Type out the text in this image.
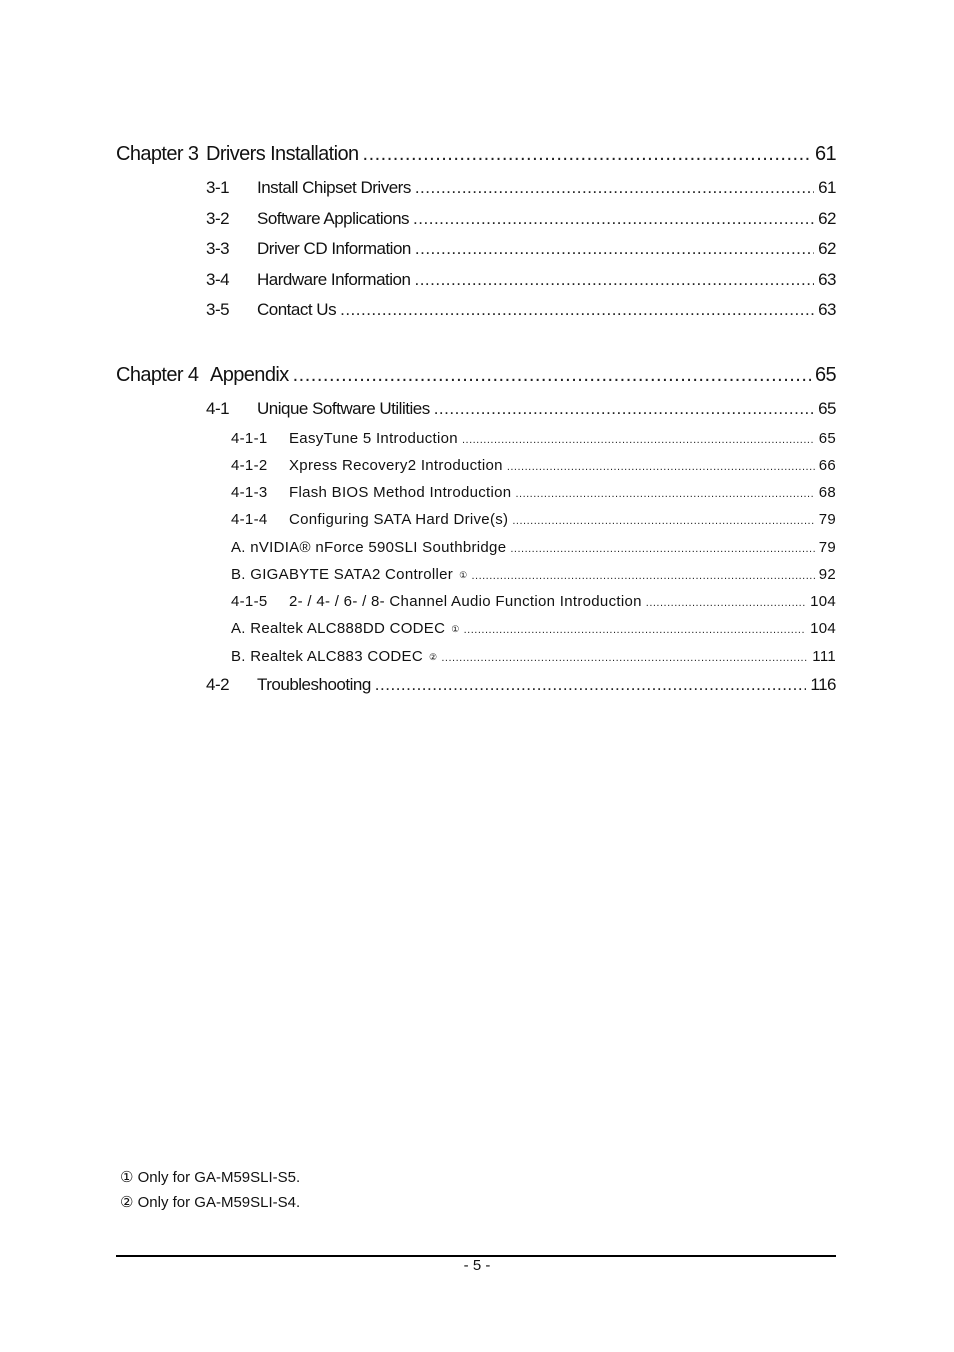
Chapter 3 Drivers Installation .....	61
3-1	Install Chipset Drivers .....	61
3-2	Software Applications .....	62
3-3	Driver CD Information .....	62
3-4	Hardware Information .....	63
3-5	Contact Us .....	63
Chapter 4 Appendix .....	65
4-1	Unique Software Utilities .....	65
4-1-1	EasyTune 5 Introduction .....	65
4-1-2	Xpress Recovery2 Introduction .....	66
4-1-3	Flash BIOS Method Introduction .....	68
4-1-4	Configuring SATA Hard Drive(s) .....	79
A. nVIDIA® nForce 590SLI Southbridge .....	79
B. GIGABYTE SATA2 Controller ① .....	92
4-1-5	2- / 4- / 6- / 8- Channel Audio Function Introduction .....	104
A. Realtek ALC888DD CODEC ① .....	104
B. Realtek ALC883 CODEC ② .....	111
4-2	Troubleshooting .....	116
① Only for GA-M59SLI-S5.
② Only for GA-M59SLI-S4.
- 5 -
